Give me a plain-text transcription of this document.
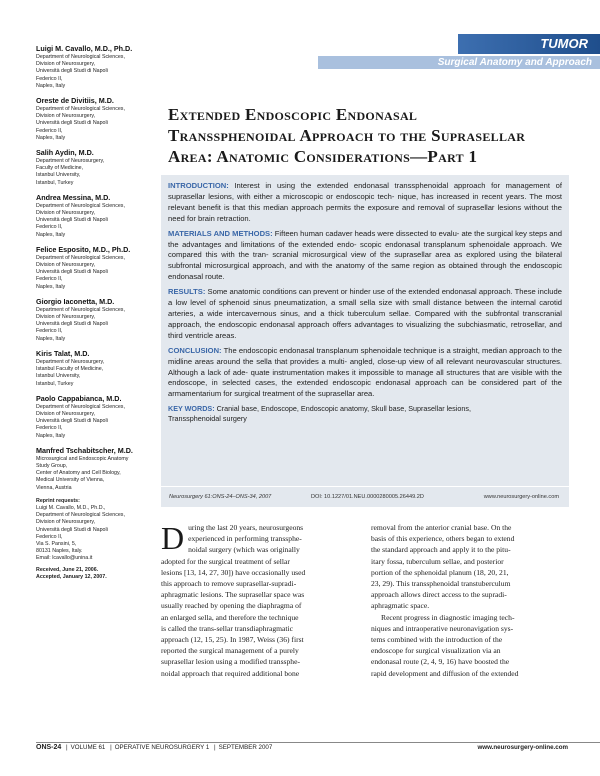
TUMOR
Surgical Anatomy and Approach
Luigi M. Cavallo, M.D., Ph.D.
Department of Neurological Sciences,
Division of Neurosurgery,
Università degli Studi di Napoli
Federico II,
Naples, Italy
Oreste de Divitiis, M.D.
Department of Neurological Sciences,
Division of Neurosurgery,
Università degli Studi di Napoli
Federico II,
Naples, Italy
Salih Aydin, M.D.
Department of Neurosurgery,
Faculty of Medicine,
Istanbul University,
Istanbul, Turkey
Andrea Messina, M.D.
Department of Neurological Sciences,
Division of Neurosurgery,
Università degli Studi di Napoli
Federico II,
Naples, Italy
Felice Esposito, M.D., Ph.D.
Department of Neurological Sciences,
Division of Neurosurgery,
Università degli Studi di Napoli
Federico II,
Naples, Italy
Giorgio Iaconetta, M.D.
Department of Neurological Sciences,
Division of Neurosurgery,
Università degli Studi di Napoli
Federico II,
Naples, Italy
Kiris Talat, M.D.
Department of Neurosurgery,
Istanbul Faculty of Medicine,
Istanbul University,
Istanbul, Turkey
Paolo Cappabianca, M.D.
Department of Neurological Sciences,
Division of Neurosurgery,
Università degli Studi di Napoli
Federico II,
Naples, Italy
Manfred Tschabitscher, M.D.
Microsurgical and Endoscopic Anatomy
Study Group,
Center of Anatomy and Cell Biology,
Medical University of Vienna,
Vienna, Austria
Reprint requests:
Luigi M. Cavallo, M.D., Ph.D.,
Department of Neurological Sciences,
Division of Neurosurgery,
Università degli Studi di Napoli
Federico II,
Via S. Pansini, 5,
80131 Naples, Italy.
Email: lcavallo@unina.it
Received, June 21, 2006.
Accepted, January 12, 2007.
Extended Endoscopic Endonasal
Transsphenoidal Approach to the Suprasellar
Area: Anatomic Considerations—Part 1
INTRODUCTION: Interest in using the extended endonasal transsphenoidal approach for management of suprasellar lesions, with either a microscopic or endoscopic tech- nique, has increased in recent years. The most relevant benefit is that this median approach permits the exposure and removal of suprasellar lesions without the need for brain retraction.
MATERIALS AND METHODS: Fifteen human cadaver heads were dissected to evalu- ate the surgical key steps and the advantages and limitations of the extended endo- scopic endonasal transplanum sphenoidale approach. We compared this with the tran- scranial microsurgical view of the suprasellar area as explored using the bilateral subfrontal microsurgical approach, and with the anatomy of the same region as obtained through the endoscopic endonasal route.
RESULTS: Some anatomic conditions can prevent or hinder use of the extended endonasal approach. These include a low level of sphenoid sinus pneumatization, a small sella size with small distance between the internal carotid arteries, a wide intercavernous sinus, and a thick tuberculum sellae. Compared with the subfrontal transcranial approach, the endoscopic endonasal approach offers advantages to visualizing the subchiasmatic, retrosellar, and third ventricle areas.
CONCLUSION: The endoscopic endonasal transplanum sphenoidale technique is a straight, median approach to the midline areas around the sella that provides a multi- angled, close-up view of all relevant neurovascular structures. Although a lack of ade- quate instrumentation makes it impossible to manage all structures that are visible with the endoscope, in selected cases, the extended endoscopic endonasal approach can be considered part of the armamentarium for surgical treatment of the suprasellar area.
KEY WORDS: Cranial base, Endoscope, Endoscopic anatomy, Skull base, Suprasellar lesions,
Transsphenoidal surgery
Neurosurgery 61:ONS-24–ONS-34, 2007	DOI: 10.1227/01.NEU.0000280005.26449.2D	www.neurosurgery-online.com
D uring the last 20 years, neurosurgeons
experienced in performing transsphe-
noidal surgery (which was originally
adopted for the surgical treatment of sellar
lesions [13, 14, 27, 30]) have occasionally used
this approach to remove suprasellar-supradi-
aphragmatic lesions. The suprasellar space was
usually reached by opening the diaphragma of
an enlarged sella, and therefore the technique
is called the trans-sellar transdiaphragmatic
approach (12, 15, 25). In 1987, Weiss (36) first
reported the surgical management of a purely
suprasellar lesion using a modified transsphe-
noidal approach that required additional bone
removal from the anterior cranial base. On the
basis of this experience, others began to extend
the standard approach and apply it to the pitu-
itary fossa, tuberculum sellae, and posterior
portion of the sphenoidal planum (18, 20, 21,
23, 29). This transsphenoidal transtuberculum
approach allows direct access to the supradi-
aphragmatic space.
Recent progress in diagnostic imaging tech-
niques and intraoperative neuronavigation sys-
tems combined with the introduction of the
endoscope for surgical visualization via an
endonasal route (2, 4, 9, 16) have boosted the
rapid development and diffusion of the extended
ONS-24 | VOLUME 61 | OPERATIVE NEUROSURGERY 1 | SEPTEMBER 2007	www.neurosurgery-online.com
